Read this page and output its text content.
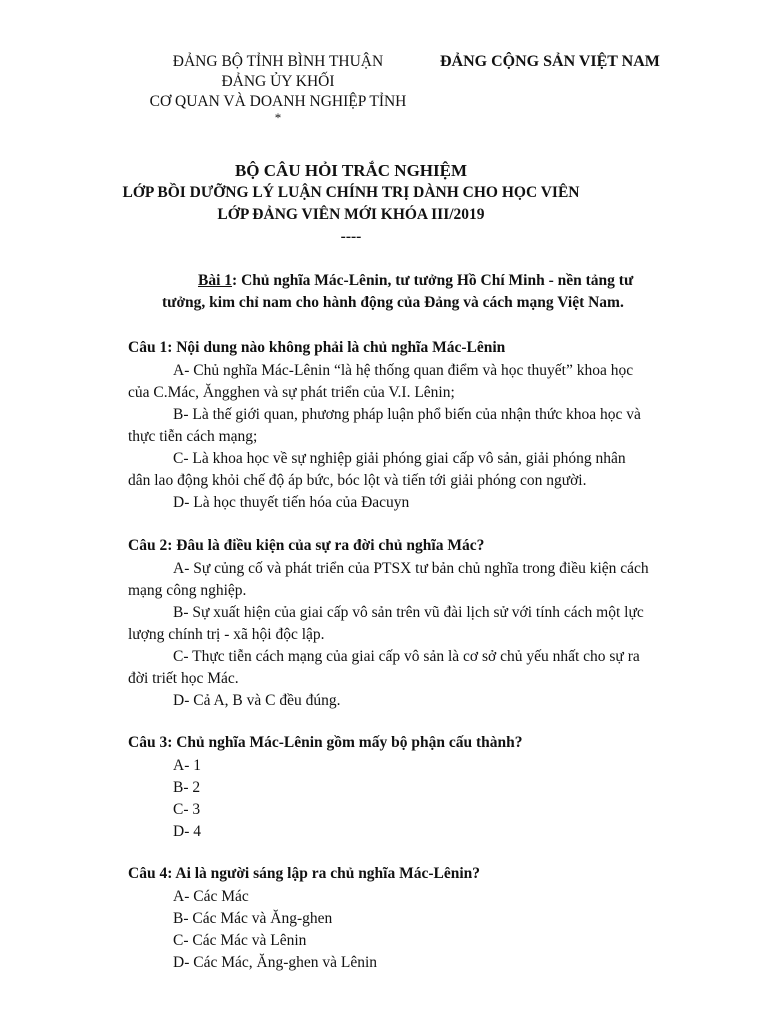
ĐẢNG BỘ TỈNH BÌNH THUẬN
ĐẢNG ỦY KHỐI
CƠ QUAN VÀ DOANH NGHIỆP TỈNH
*
ĐẢNG CỘNG SẢN VIỆT NAM
BỘ CÂU HỎI TRẮC NGHIỆM
LỚP BỒI DƯỠNG LÝ LUẬN CHÍNH TRỊ DÀNH CHO HỌC VIÊN
LỚP ĐẢNG VIÊN MỚI KHÓA III/2019
----
Bài 1: Chủ nghĩa Mác-Lênin, tư tưởng Hồ Chí Minh - nền tảng tư
tưởng, kim chỉ nam cho hành động của Đảng và cách mạng Việt Nam.
Câu 1: Nội dung nào không phải là chủ nghĩa Mác-Lênin
A- Chủ nghĩa Mác-Lênin “là hệ thống quan điểm và học thuyết” khoa học
của C.Mác, Ăngghen và sự phát triển của V.I. Lênin;
B- Là thế giới quan, phương pháp luận phổ biến của nhận thức khoa học và
thực tiễn cách mạng;
C- Là khoa học về sự nghiệp giải phóng giai cấp vô sản, giải phóng nhân
dân lao động khỏi chế độ áp bức, bóc lột và tiến tới giải phóng con người.
D- Là học thuyết tiến hóa của Đacuyn
Câu 2: Đâu là điều kiện của sự ra đời chủ nghĩa Mác?
A- Sự củng cố và phát triển của PTSX tư bản chủ nghĩa trong điều kiện cách
mạng công nghiệp.
B- Sự xuất hiện của giai cấp vô sản trên vũ đài lịch sử với tính cách một lực
lượng chính trị - xã hội độc lập.
C- Thực tiễn cách mạng của giai cấp vô sản là cơ sở chủ yếu nhất cho sự ra
đời triết học Mác.
D- Cả A, B và C đều đúng.
Câu 3: Chủ nghĩa Mác-Lênin gồm mấy bộ phận cấu thành?
A- 1
B- 2
C- 3
D- 4
Câu 4: Ai là người sáng lập ra chủ nghĩa Mác-Lênin?
A- Các Mác
B- Các Mác và Ăng-ghen
C- Các Mác và Lênin
D- Các Mác, Ăng-ghen và Lênin
